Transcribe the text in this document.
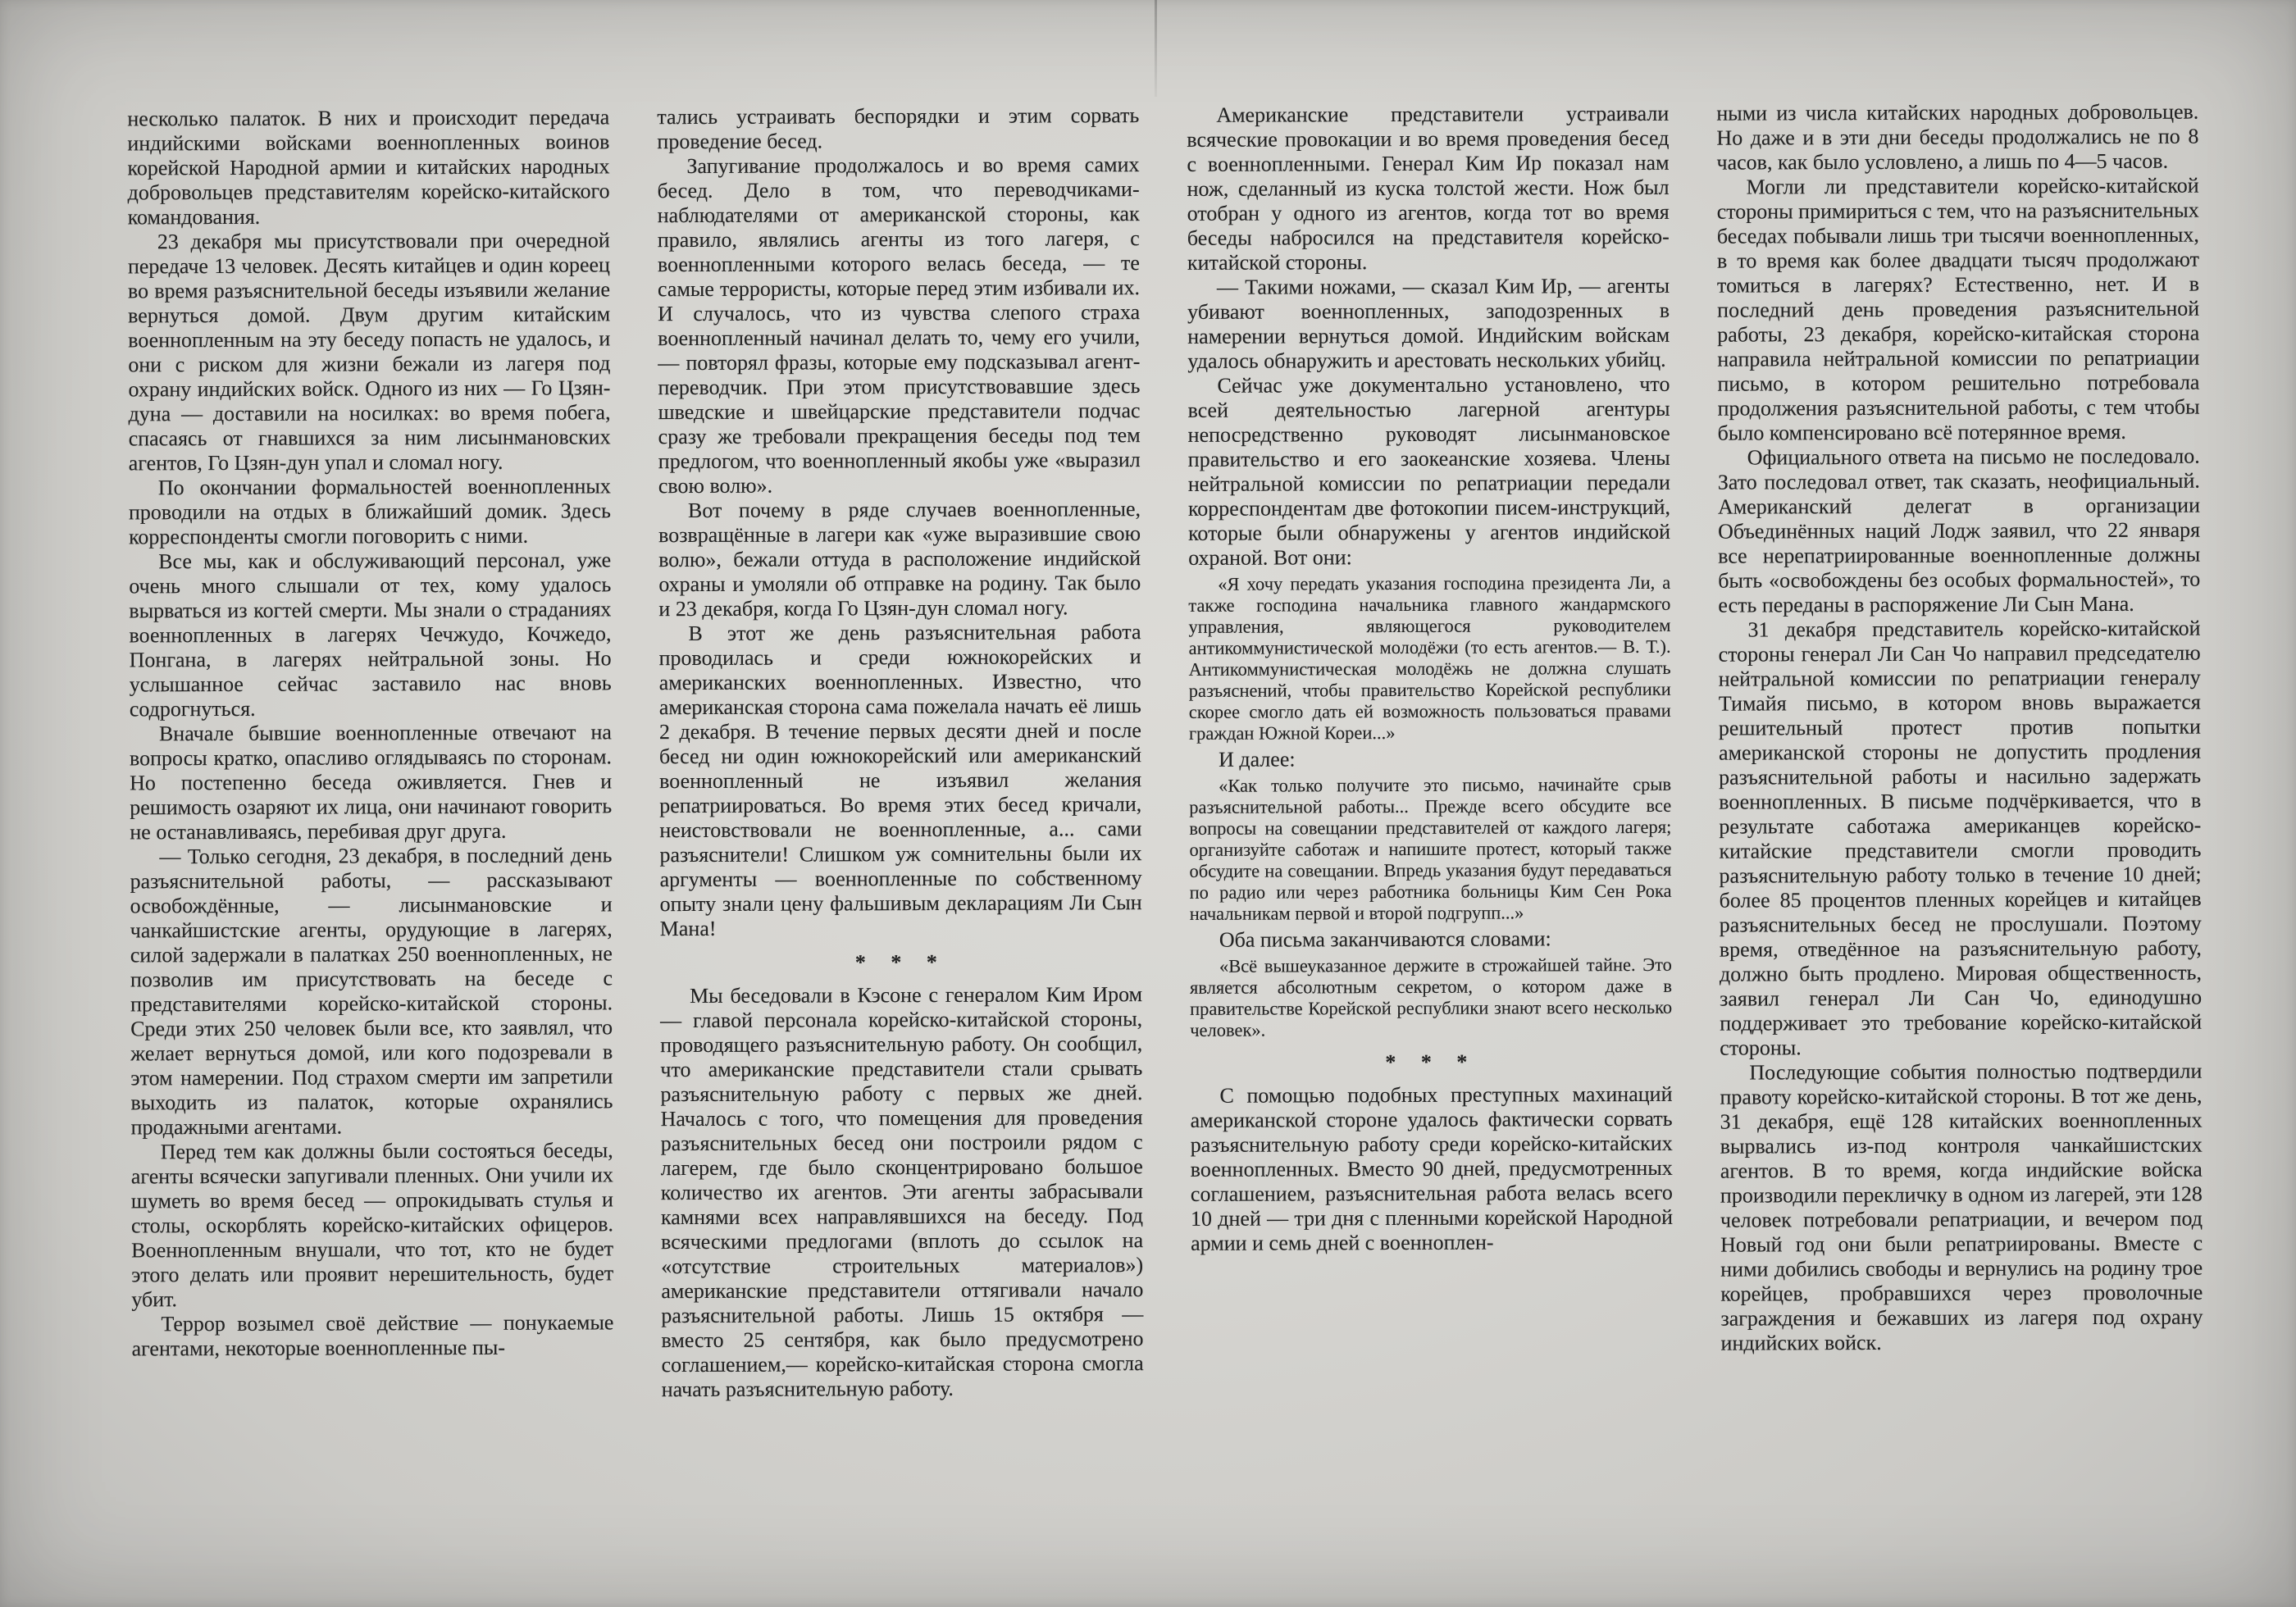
несколько палаток. В них и происходит передача индийскими войсками военнопленных воинов корейской Народной армии и китайских народных добровольцев представителям корейско-китайского командования.

23 декабря мы присутствовали при очередной передаче 13 человек. Десять китайцев и один кореец во время разъяснительной беседы изъявили желание вернуться домой. Двум другим китайским военнопленным на эту беседу попасть не удалось, и они с риском для жизни бежали из лагеря под охрану индийских войск. Одного из них — Го Цзян-дуна — доставили на носилках: во время побега, спасаясь от гнавшихся за ним лисынмановских агентов, Го Цзян-дун упал и сломал ногу.

По окончании формальностей военнопленных проводили на отдых в ближайший домик. Здесь корреспонденты смогли поговорить с ними.

Все мы, как и обслуживающий персонал, уже очень много слышали от тех, кому удалось вырваться из когтей смерти. Мы знали о страданиях военнопленных в лагерях Чечжудо, Кочжедо, Понгана, в лагерях нейтральной зоны. Но услышанное сейчас заставило нас вновь содрогнуться.

Вначале бывшие военнопленные отвечают на вопросы кратко, опасливо оглядываясь по сторонам. Но постепенно беседа оживляется. Гнев и решимость озаряют их лица, они начинают говорить не останавливаясь, перебивая друг друга.

— Только сегодня, 23 декабря, в последний день разъяснительной работы, — рассказывают освобождённые, — лисынмановские и чанкайшистские агенты, орудующие в лагерях, силой задержали в палатках 250 военнопленных, не позволив им присутствовать на беседе с представителями корейско-китайской стороны. Среди этих 250 человек были все, кто заявлял, что желает вернуться домой, или кого подозревали в этом намерении. Под страхом смерти им запретили выходить из палаток, которые охранялись продажными агентами.

Перед тем как должны были состояться беседы, агенты всячески запугивали пленных. Они учили их шуметь во время бесед — опрокидывать стулья и столы, оскорблять корейско-китайских офицеров. Военнопленным внушали, что тот, кто не будет этого делать или проявит нерешительность, будет убит.

Террор возымел своё действие — понукаемые агентами, некоторые военнопленные пы-

тались устраивать беспорядки и этим сорвать проведение бесед.

Запугивание продолжалось и во время самих бесед. Дело в том, что переводчиками-наблюдателями от американской стороны, как правило, являлись агенты из того лагеря, с военнопленными которого велась беседа, — те самые террористы, которые перед этим избивали их. И случалось, что из чувства слепого страха военнопленный начинал делать то, чему его учили,— повторял фразы, которые ему подсказывал агент-переводчик. При этом присутствовавшие здесь шведские и швейцарские представители подчас сразу же требовали прекращения беседы под тем предлогом, что военнопленный якобы уже «выразил свою волю».

Вот почему в ряде случаев военнопленные, возвращённые в лагери как «уже выразившие свою волю», бежали оттуда в расположение индийской охраны и умоляли об отправке на родину. Так было и 23 декабря, когда Го Цзян-дун сломал ногу.

В этот же день разъяснительная работа проводилась и среди южнокорейских и американских военнопленных. Известно, что американская сторона сама пожелала начать её лишь 2 декабря. В течение первых десяти дней и после бесед ни один южнокорейский или американский военнопленный не изъявил желания репатриироваться. Во время этих бесед кричали, неистовствовали не военнопленные, а... сами разъяснители! Слишком уж сомнительны были их аргументы — военнопленные по собственному опыту знали цену фальшивым декларациям Ли Сын Мана!

* * *

Мы беседовали в Кэсоне с генералом Ким Иром — главой персонала корейско-китайской стороны, проводящего разъяснительную работу. Он сообщил, что американские представители стали срывать разъяснительную работу с первых же дней. Началось с того, что помещения для проведения разъяснительных бесед они построили рядом с лагерем, где было сконцентрировано большое количество их агентов. Эти агенты забрасывали камнями всех направлявшихся на беседу. Под всяческими предлогами (вплоть до ссылок на «отсутствие строительных материалов») американские представители оттягивали начало разъяснительной работы. Лишь 15 октября — вместо 25 сентября, как было предусмотрено соглашением,— корейско-китайская сторона смогла начать разъяснительную работу.

Американские представители устраивали всяческие провокации и во время проведения бесед с военнопленными. Генерал Ким Ир показал нам нож, сделанный из куска толстой жести. Нож был отобран у одного из агентов, когда тот во время беседы набросился на представителя корейско-китайской стороны.

— Такими ножами, — сказал Ким Ир, — агенты убивают военнопленных, заподозренных в намерении вернуться домой. Индийским войскам удалось обнаружить и арестовать нескольких убийц.

Сейчас уже документально установлено, что всей деятельностью лагерной агентуры непосредственно руководят лисынмановское правительство и его заокеанские хозяева. Члены нейтральной комиссии по репатриации передали корреспондентам две фотокопии писем-инструкций, которые были обнаружены у агентов индийской охраной. Вот они:

«Я хочу передать указания господина президента Ли, а также господина начальника главного жандармского управления, являющегося руководителем антикоммунистической молодёжи (то есть агентов.— В. Т.). Антикоммунистическая молодёжь не должна слушать разъяснений, чтобы правительство Корейской республики скорее смогло дать ей возможность пользоваться правами граждан Южной Кореи...»

И далее:

«Как только получите это письмо, начинайте срыв разъяснительной работы... Прежде всего обсудите все вопросы на совещании представителей от каждого лагеря; организуйте саботаж и напишите протест, который также обсудите на совещании. Впредь указания будут передаваться по радио или через работника больницы Ким Сен Рока начальникам первой и второй подгрупп...»

Оба письма заканчиваются словами:

«Всё вышеуказанное держите в строжайшей тайне. Это является абсолютным секретом, о котором даже в правительстве Корейской республики знают всего несколько человек».

* * *

С помощью подобных преступных махинаций американской стороне удалось фактически сорвать разъяснительную работу среди корейско-китайских военнопленных. Вместо 90 дней, предусмотренных соглашением, разъяснительная работа велась всего 10 дней — три дня с пленными корейской Народной армии и семь дней с военноплен-

ными из числа китайских народных добровольцев. Но даже и в эти дни беседы продолжались не по 8 часов, как было условлено, а лишь по 4—5 часов.

Могли ли представители корейско-китайской стороны примириться с тем, что на разъяснительных беседах побывали лишь три тысячи военнопленных, в то время как более двадцати тысяч продолжают томиться в лагерях? Естественно, нет. И в последний день проведения разъяснительной работы, 23 декабря, корейско-китайская сторона направила нейтральной комиссии по репатриации письмо, в котором решительно потребовала продолжения разъяснительной работы, с тем чтобы было компенсировано всё потерянное время.

Официального ответа на письмо не последовало. Зато последовал ответ, так сказать, неофициальный. Американский делегат в организации Объединённых наций Лодж заявил, что 22 января все нерепатриированные военнопленные должны быть «освобождены без особых формальностей», то есть переданы в распоряжение Ли Сын Мана.

31 декабря представитель корейско-китайской стороны генерал Ли Сан Чо направил председателю нейтральной комиссии по репатриации генералу Тимайя письмо, в котором вновь выражается решительный протест против попытки американской стороны не допустить продления разъяснительной работы и насильно задержать военнопленных. В письме подчёркивается, что в результате саботажа американцев корейско-китайские представители смогли проводить разъяснительную работу только в течение 10 дней; более 85 процентов пленных корейцев и китайцев разъяснительных бесед не прослушали. Поэтому время, отведённое на разъяснительную работу, должно быть продлено. Мировая общественность, заявил генерал Ли Сан Чо, единодушно поддерживает это требование корейско-китайской стороны.

Последующие события полностью подтвердили правоту корейско-китайской стороны. В тот же день, 31 декабря, ещё 128 китайских военнопленных вырвались из-под контроля чанкайшистских агентов. В то время, когда индийские войска производили перекличку в одном из лагерей, эти 128 человек потребовали репатриации, и вечером под Новый год они были репатриированы. Вместе с ними добились свободы и вернулись на родину трое корейцев, пробравшихся через проволочные заграждения и бежавших из лагеря под охрану индийских войск.
